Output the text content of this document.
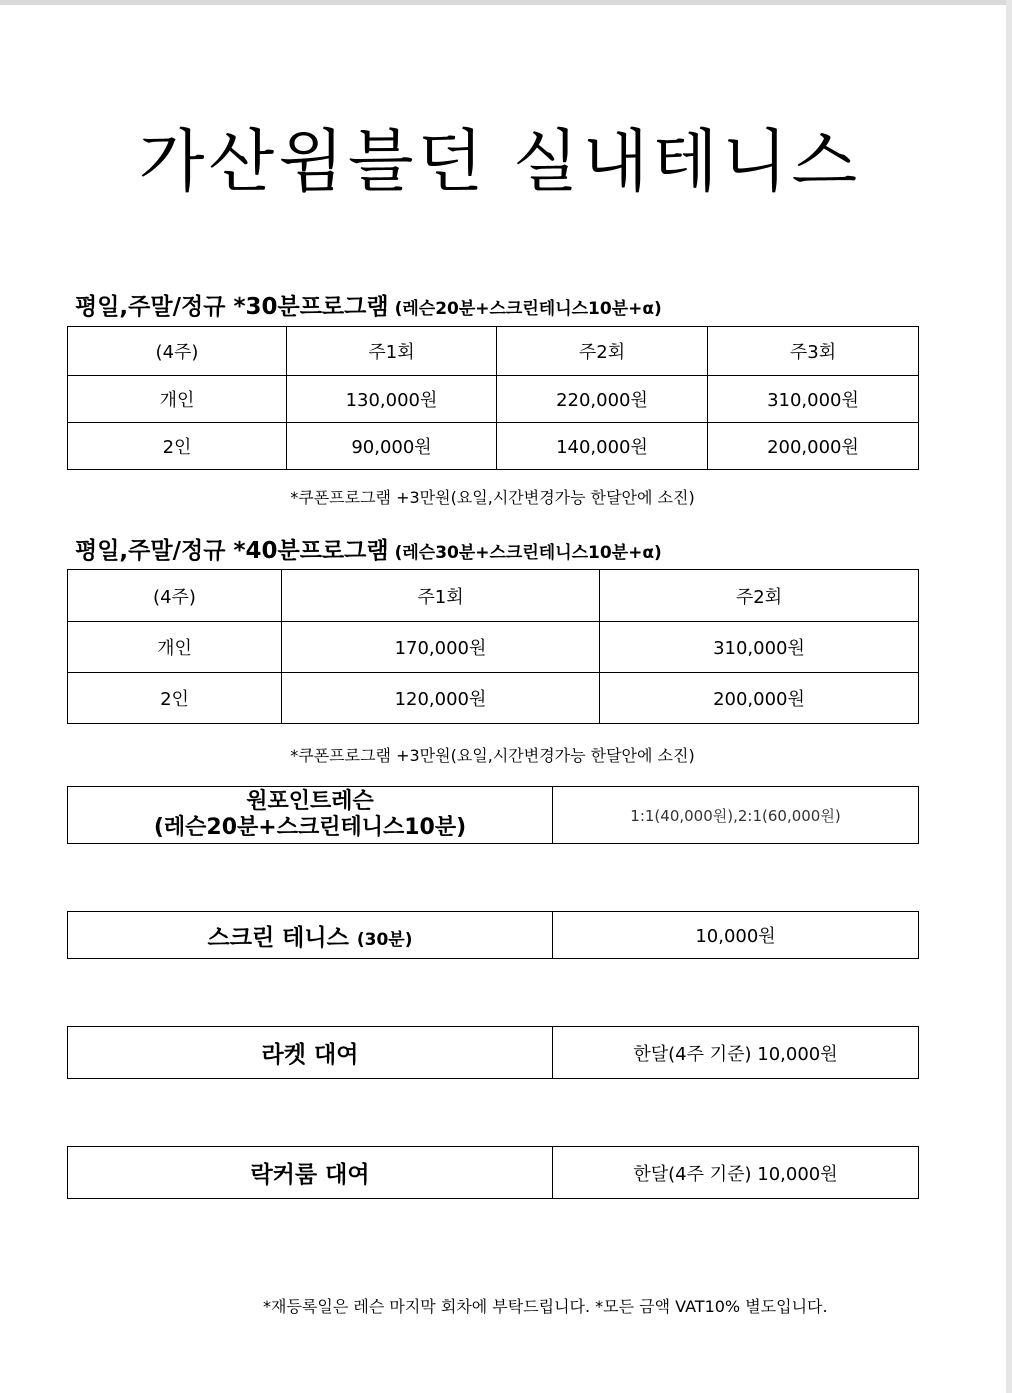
가산윔블던 실내테니스
평일,주말/정규 *30분프로그램 (레슨20분+스크린테니스10분+α)
(4주)	주1회	주2회	주3회
개인	130,000원	220,000원	310,000원
2인	90,000원	140,000원	200,000원
*쿠폰프로그램 +3만원(요일,시간변경가능 한달안에 소진)
평일,주말/정규 *40분프로그램 (레슨30분+스크린테니스10분+α)
(4주)	주1회	주2회
개인	170,000원	310,000원
2인	120,000원	200,000원
*쿠폰프로그램 +3만원(요일,시간변경가능 한달안에 소진)
원포인트레슨
(레슨20분+스크린테니스10분)	1:1(40,000원),2:1(60,000원)
스크린 테니스 (30분)	10,000원
라켓 대여	한달(4주 기준) 10,000원
락커룸 대여	한달(4주 기준) 10,000원
*재등록일은 레슨 마지막 회차에 부탁드립니다. *모든 금액 VAT10% 별도입니다.
